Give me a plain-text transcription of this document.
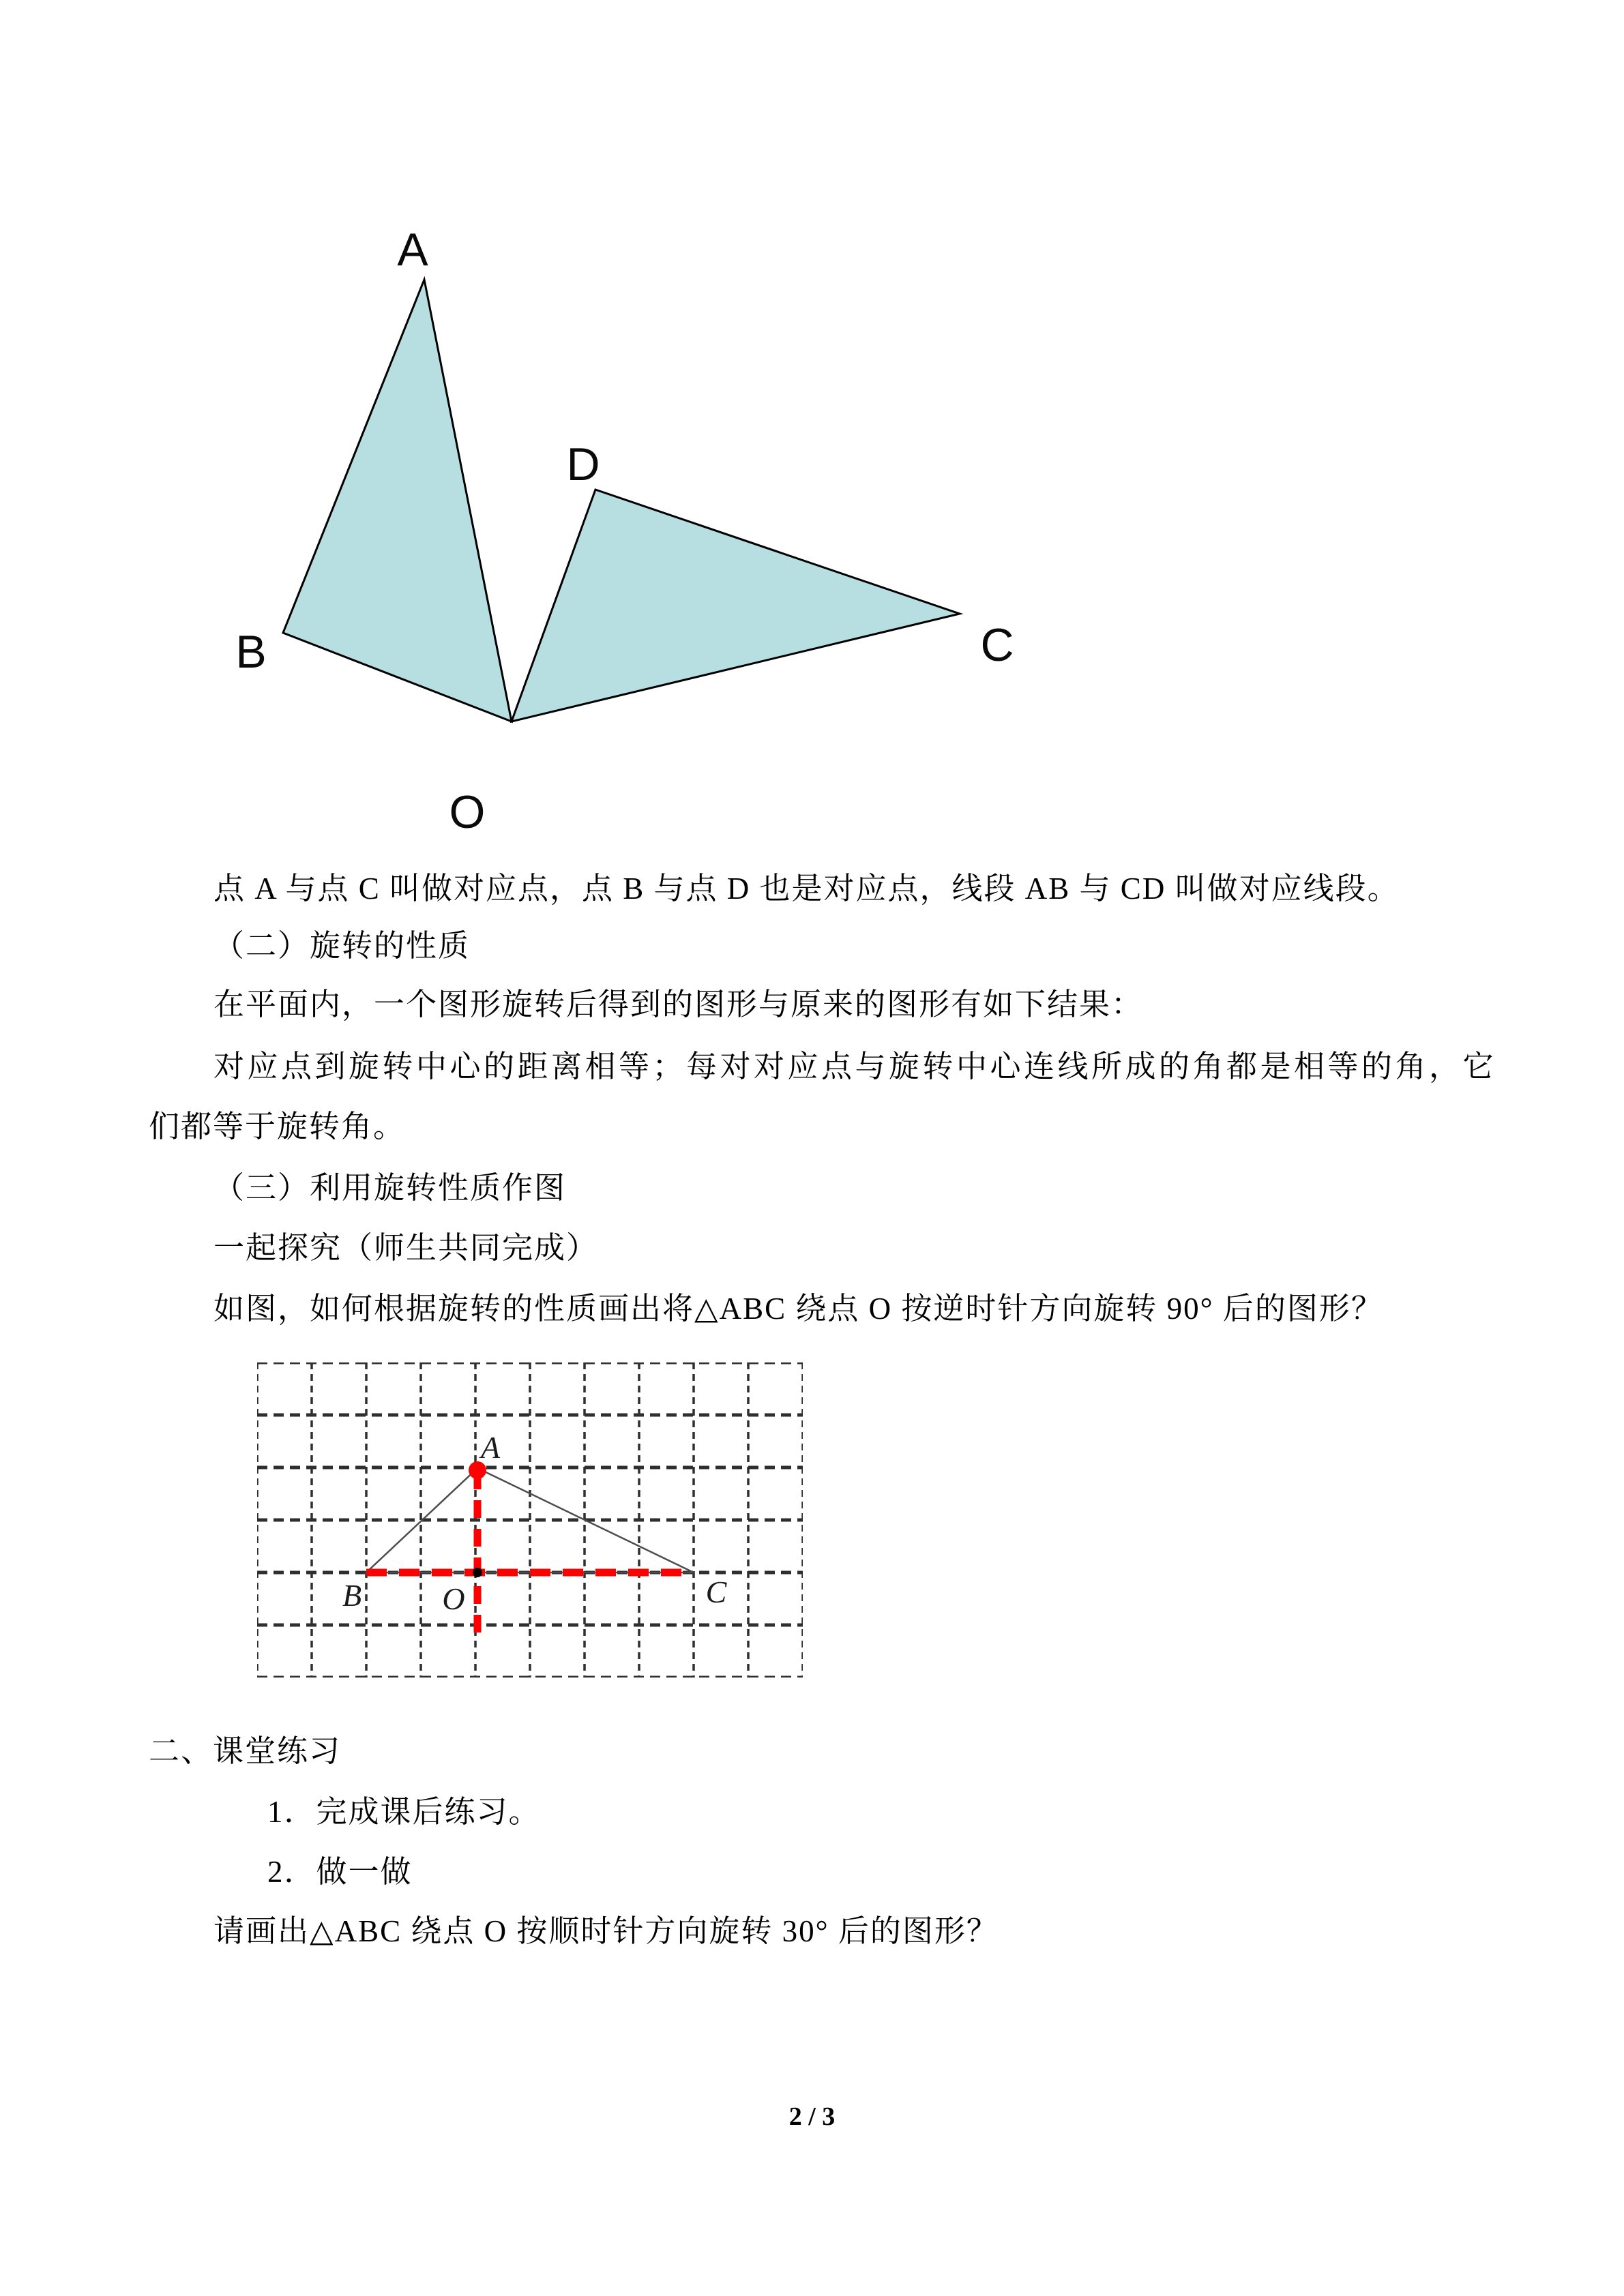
A
B
D
C
O
点 A 与点 C 叫做对应点，点 B 与点 D 也是对应点，线段 AB 与 CD 叫做对应线段。
（二）旋转的性质
在平面内，一个图形旋转后得到的图形与原来的图形有如下结果：
对应点到旋转中心的距离相等；每对对应点与旋转中心连线所成的角都是相等的角，它
们都等于旋转角。
（三）利用旋转性质作图
一起探究（师生共同完成）
如图，如何根据旋转的性质画出将△ABC 绕点 O 按逆时针方向旋转 90° 后的图形？
A
B	O	C
二、课堂练习
1．完成课后练习。
2．做一做
请画出△ABC 绕点 O 按顺时针方向旋转 30° 后的图形？
2 / 3
